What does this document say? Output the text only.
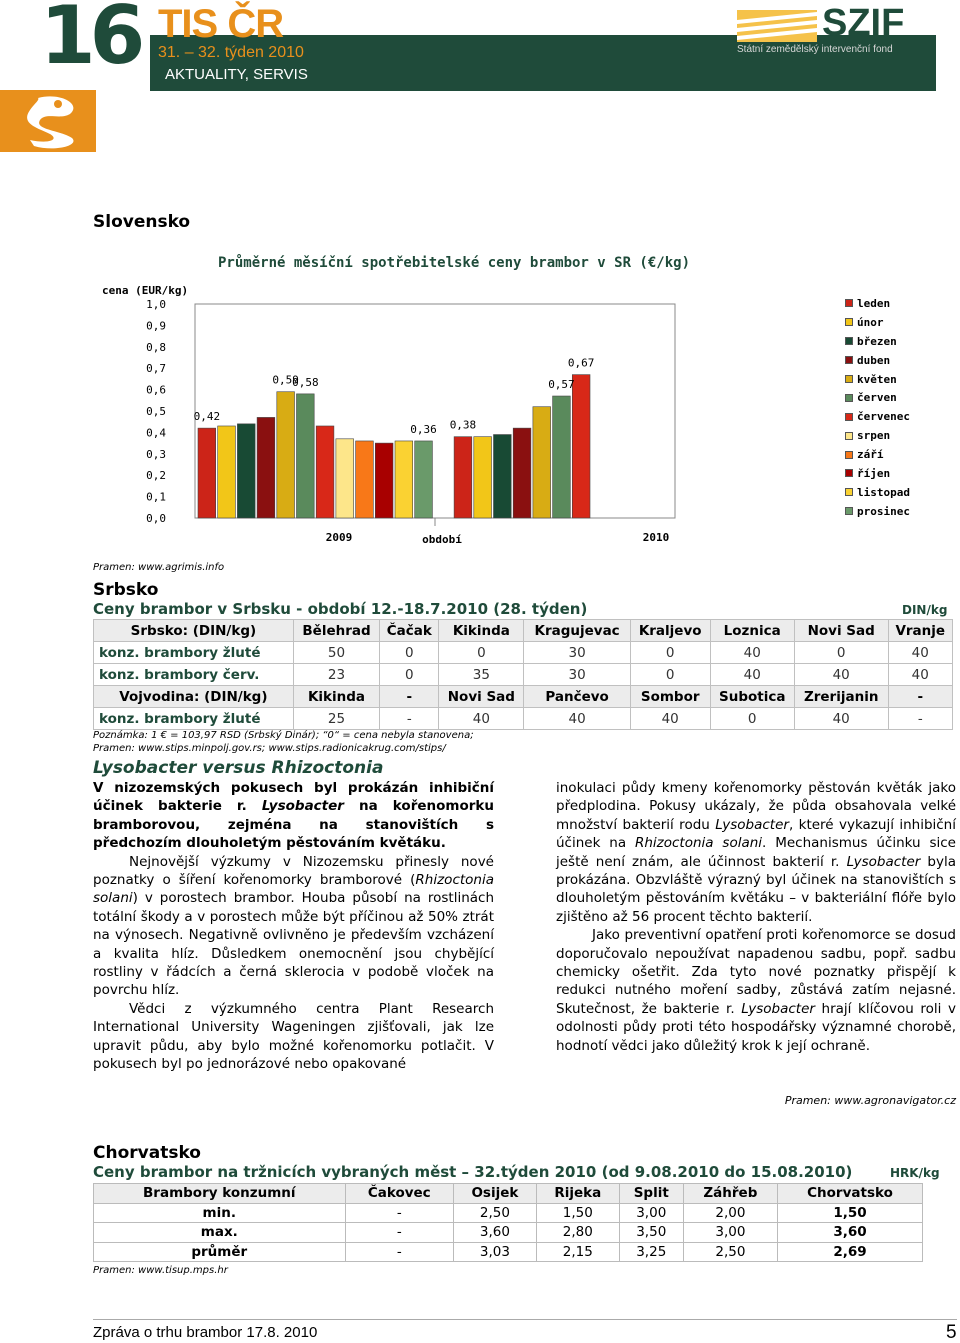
16 TIS ČR
31. – 32. týden 2010
AKTUALITY, SERVIS
SZIF
Státní zemědělský intervenční fond
Slovensko
Průměrné měsíční spotřebitelské ceny brambor v SR (€/kg)
cena (EUR/kg)
0,0
0,1
0,2
0,3
0,4
0,5
0,6
0,7
0,8
0,9
1,0
0,42
0,59
0,58
0,36 0,38
0,57
0,67
2009	2010
období
leden
únor
březen
duben
květen
červen
červenec
srpen
září
říjen
listopad
prosinec
Pramen: www.agrimis.info
Srbsko
Ceny brambor v Srbsku - období 12.-18.7.2010 (28. týden)	DIN/kg
Srbsko: (DIN/kg)	Bělehrad	Čačak	Kikinda	Kragujevac	Kraljevo	Loznica	Novi Sad	Vranje
konz. brambory žluté	50	0	0	30	0	40	0	40
konz. brambory červ.	23	0	35	30	0	40	40	40
Vojvodina: (DIN/kg)	Kikinda	-	Novi Sad	Pančevo	Sombor	Subotica	Zrerijanin	-
konz. brambory žluté	25	-	40	40	40	0	40	-
Poznámka: 1 € = 103,97 RSD (Srbský Dinár); “0“ = cena nebyla stanovena;
Pramen: www.stips.minpolj.gov.rs; www.stips.radionicakrug.com/stips/
Lysobacter versus Rhizoctonia

V nizozemských pokusech byl prokázán inhibiční účinek bakterie r. Lysobacter na kořenomorku bramborovou, zejména na stanovištích s předchozím dlouholetým pěstováním květáku.

Nejnovější výzkumy v Nizozemsku přinesly nové poznatky o šíření kořenomorky bramborové (Rhizoctonia solani) v porostech brambor. Houba působí na rostlinách totální škody a v porostech může být příčinou až 50% ztrát na výnosech. Negativně ovlivněno je především vzcházení a kvalita hlíz. Důsledkem onemocnění jsou chybějící rostliny v řádcích a černá sklerocia v podobě vloček na povrchu hlíz.

Vědci z výzkumného centra Plant Research International University Wageningen zjišťovali, jak lze upravit půdu, aby bylo možné kořenomorku potlačit. V pokusech byl po jednorázové nebo opakované

inokulaci půdy kmeny kořenomorky pěstován květák jako předplodina. Pokusy ukázaly, že půda obsahovala velké množství bakterií rodu Lysobacter, které vykazují inhibiční účinek na Rhizoctonia solani. Mechanismus účinku sice ještě není znám, ale účinnost bakterií r. Lysobacter byla prokázána. Obzvláště výrazný byl účinek na stanovištích s dlouholetým pěstováním květáku – v bakteriální flóře bylo zjištěno až 56 procent těchto bakterií.

Jako preventivní opatření proti kořenomorce se dosud doporučovalo nepoužívat napadenou sadbu, popř. sadbu chemicky ošetřit. Zda tyto nové poznatky přispějí k redukci nutného moření sadby, zůstává zatím nejasné. Skutečnost, že bakterie r. Lysobacter hrají klíčovou roli v odolnosti půdy proti této hospodářsky významné chorobě, hodnotí vědci jako důležitý krok k její ochraně.

Pramen: www.agronavigator.cz
Chorvatsko
Ceny brambor na tržnicích vybraných měst – 32.týden 2010 (od 9.08.2010 do 15.08.2010)	HRK/kg
Brambory konzumní	Čakovec	Osijek	Rijeka	Split	Záhřeb	Chorvatsko
min.	-	2,50	1,50	3,00	2,00	1,50
max.	-	3,60	2,80	3,50	3,00	3,60
průměr	-	3,03	2,15	3,25	2,50	2,69
Pramen: www.tisup.mps.hr
Zpráva o trhu brambor 17.8. 2010	5
